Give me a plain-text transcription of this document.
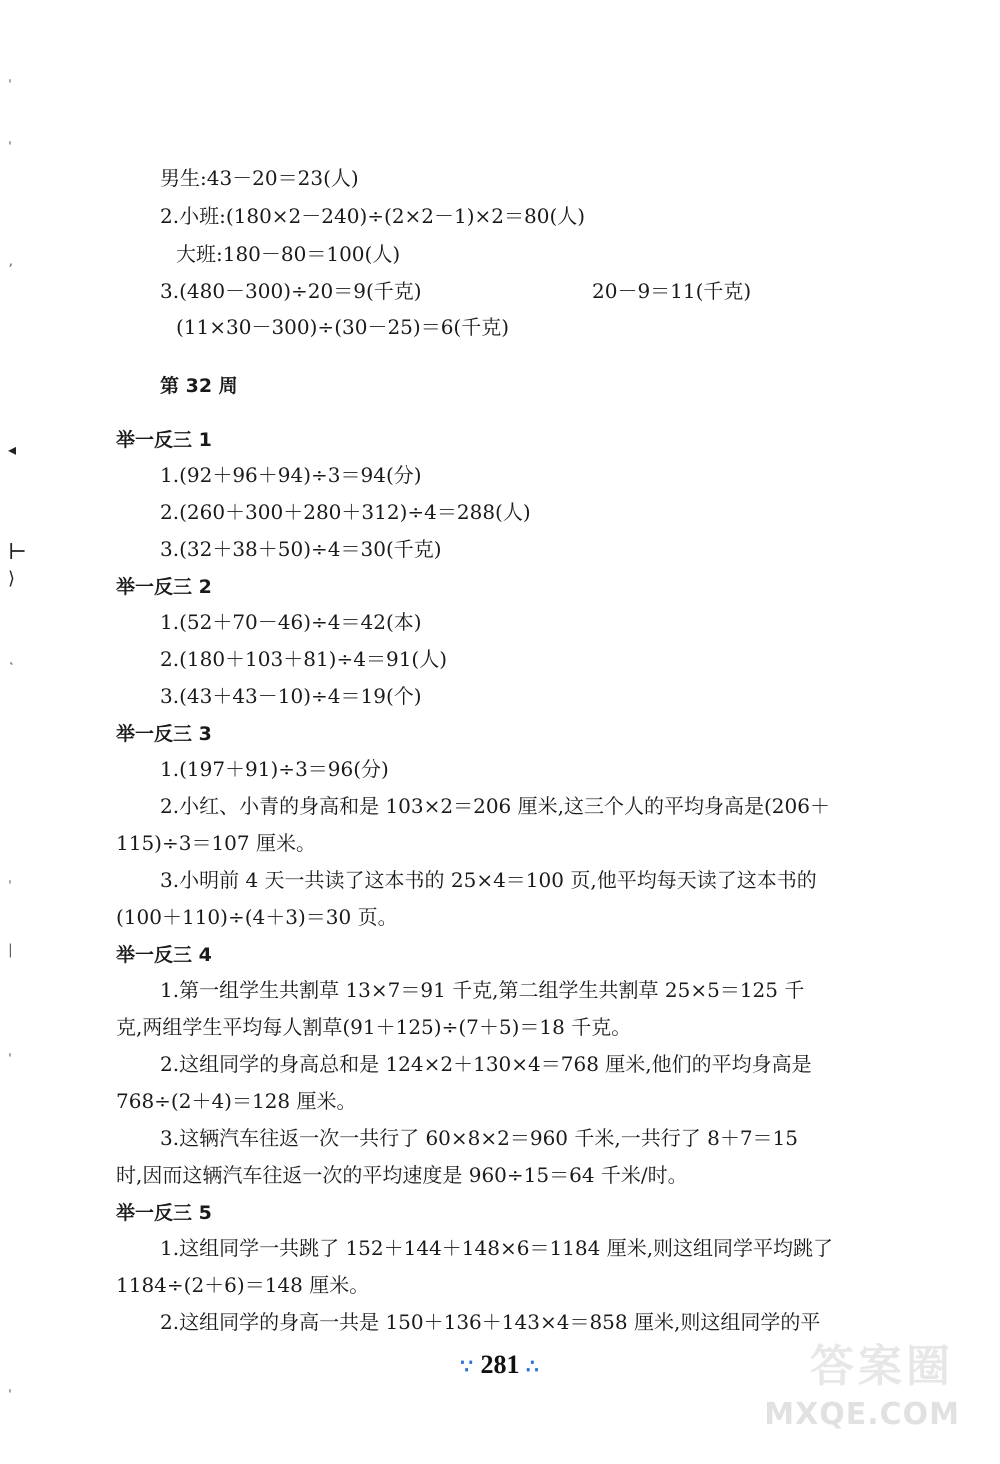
男生:43－20＝23(人)
2.小班:(180×2－240)÷(2×2－1)×2＝80(人)
大班:180－80＝100(人)
3.(480－300)÷20＝9(千克)	20－9＝11(千克)
(11×30－300)÷(30－25)＝6(千克)
第 32 周
举一反三 1
1.(92＋96＋94)÷3＝94(分)
2.(260＋300＋280＋312)÷4＝288(人)
3.(32＋38＋50)÷4＝30(千克)
举一反三 2
1.(52＋70－46)÷4＝42(本)
2.(180＋103＋81)÷4＝91(人)
3.(43＋43－10)÷4＝19(个)
举一反三 3
1.(197＋91)÷3＝96(分)
2.小红、小青的身高和是 103×2＝206 厘米,这三个人的平均身高是(206＋
115)÷3＝107 厘米。
3.小明前 4 天一共读了这本书的 25×4＝100 页,他平均每天读了这本书的
(100＋110)÷(4＋3)＝30 页。
举一反三 4
1.第一组学生共割草 13×7＝91 千克,第二组学生共割草 25×5＝125 千
克,两组学生平均每人割草(91＋125)÷(7＋5)＝18 千克。
2.这组同学的身高总和是 124×2＋130×4＝768 厘米,他们的平均身高是
768÷(2＋4)＝128 厘米。
3.这辆汽车往返一次一共行了 60×8×2＝960 千米,一共行了 8＋7＝15
时,因而这辆汽车往返一次的平均速度是 960÷15＝64 千米/时。
举一反三 5
1.这组同学一共跳了 152＋144＋148×6＝1184 厘米,则这组同学平均跳了
1184÷(2＋6)＝148 厘米。
2.这组同学的身高一共是 150＋136＋143×4＝858 厘米,则这组同学的平
∵ 281 ∴
ˈ
ˈ
ʼ
◂
⊢
⟩
˛
ˌ
|
ˈ
ˈ
答案圈
MXQE.COM
